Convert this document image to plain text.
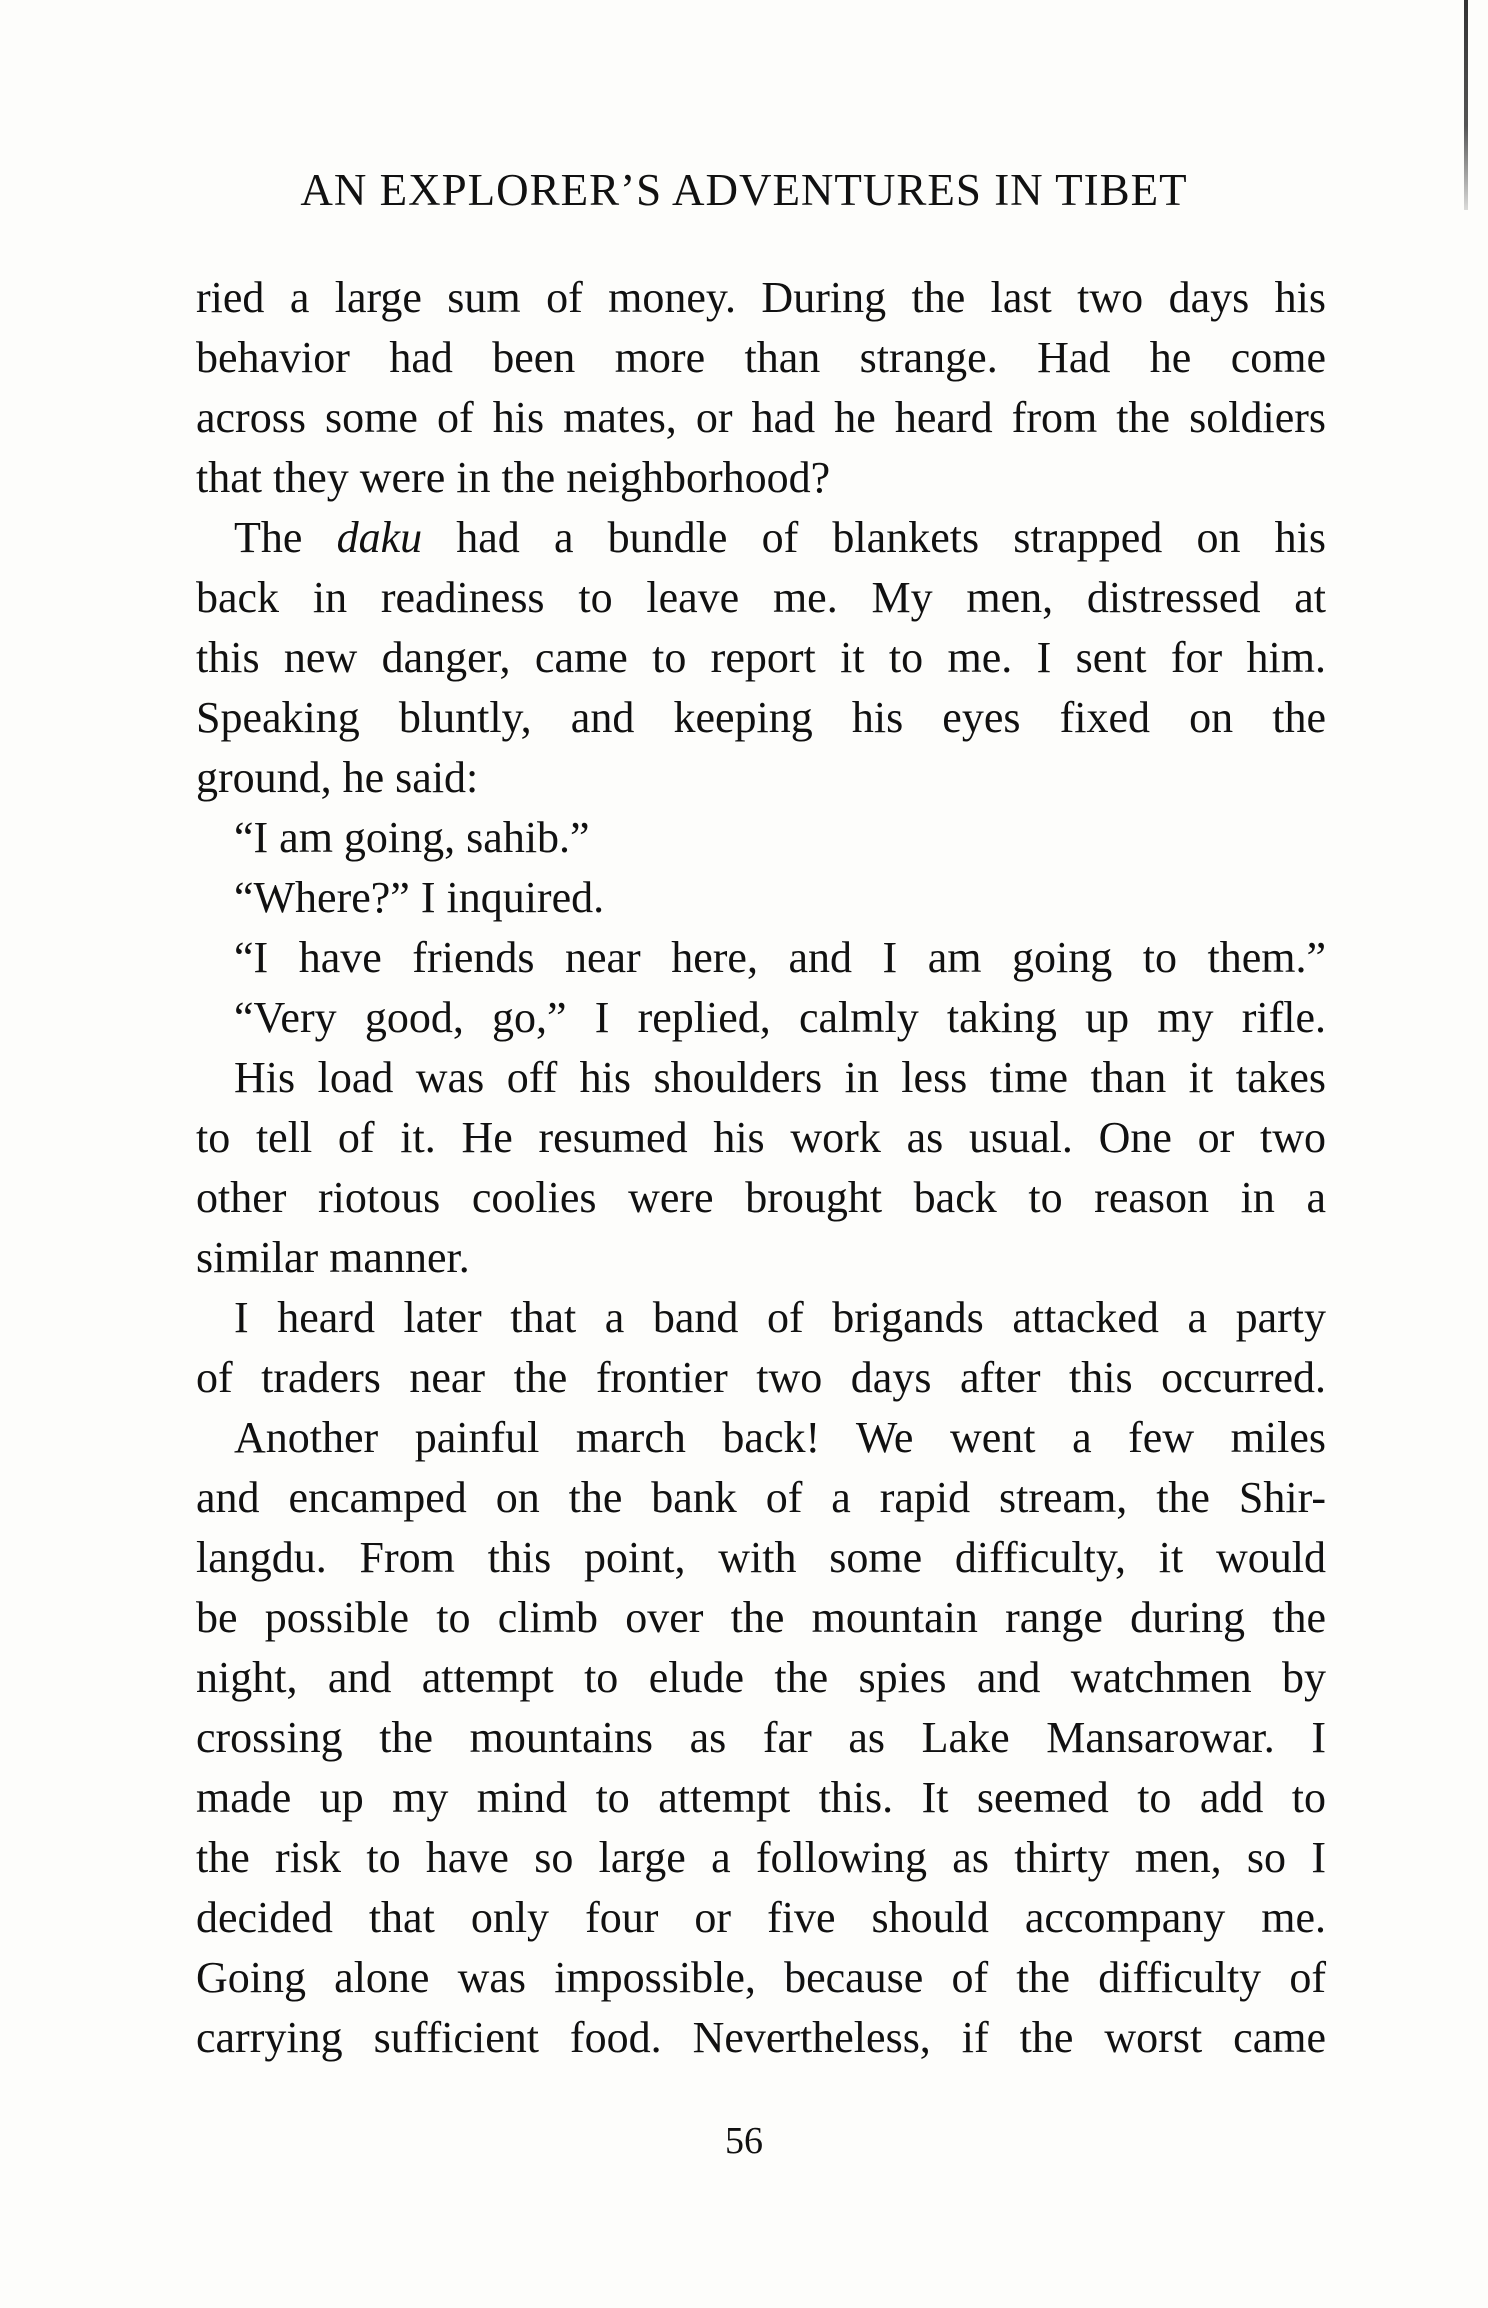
AN EXPLORER’S ADVENTURES IN TIBET
ried a large sum of money. During the last two days his
behavior had been more than strange. Had he come
across some of his mates, or had he heard from the soldiers
that they were in the neighborhood?
The daku had a bundle of blankets strapped on his
back in readiness to leave me. My men, distressed at
this new danger, came to report it to me. I sent for him.
Speaking bluntly, and keeping his eyes fixed on the
ground, he said:
“I am going, sahib.”
“Where?” I inquired.
“I have friends near here, and I am going to them.”
“Very good, go,” I replied, calmly taking up my rifle.
His load was off his shoulders in less time than it takes
to tell of it. He resumed his work as usual. One or two
other riotous coolies were brought back to reason in a
similar manner.
I heard later that a band of brigands attacked a party
of traders near the frontier two days after this occurred.
Another painful march back! We went a few miles
and encamped on the bank of a rapid stream, the Shir-
langdu. From this point, with some difficulty, it would
be possible to climb over the mountain range during the
night, and attempt to elude the spies and watchmen by
crossing the mountains as far as Lake Mansarowar. I
made up my mind to attempt this. It seemed to add to
the risk to have so large a following as thirty men, so I
decided that only four or five should accompany me.
Going alone was impossible, because of the difficulty of
carrying sufficient food. Nevertheless, if the worst came
56
